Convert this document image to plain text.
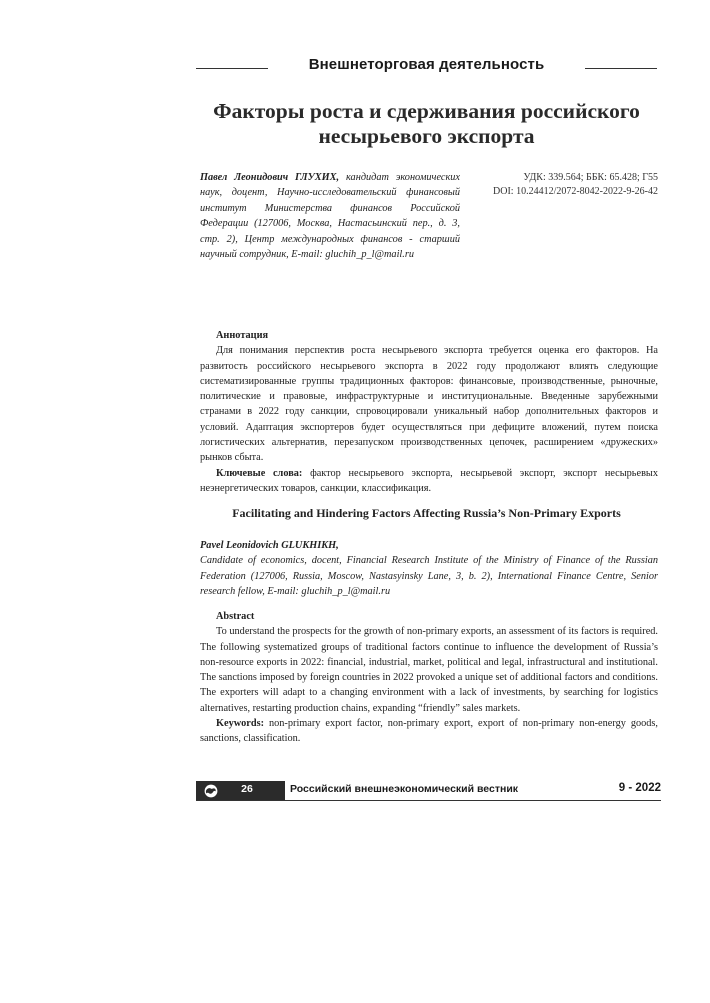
Внешнеторговая деятельность
Факторы роста и сдерживания российского несырьевого экспорта
УДК: 339.564; ББК: 65.428; Г55
DOI: 10.24412/2072-8042-2022-9-26-42
Павел Леонидович ГЛУХИХ, кандидат экономических наук, доцент, Научно-исследовательский финансовый институт Министерства финансов Российской Федерации (127006, Москва, Настасьинский пер., д. 3, стр. 2), Центр международных финансов - старший научный сотрудник, E-mail: gluchih_p_l@mail.ru
Аннотация
Для понимания перспектив роста несырьевого экспорта требуется оценка его факторов. На развитость российского несырьевого экспорта в 2022 году продолжают влиять следующие систематизированные группы традиционных факторов: финансовые, производственные, рыночные, политические и правовые, инфраструктурные и институциональные. Введенные зарубежными странами в 2022 году санкции, спровоцировали уникальный набор дополнительных факторов и условий. Адаптация экспортеров будет осуществляться при дефиците вложений, путем поиска логистических альтернатив, перезапуском производственных цепочек, расширением «дружеских» рынков сбыта.
Ключевые слова: фактор несырьевого экспорта, несырьевой экспорт, экспорт несырьевых неэнергетических товаров, санкции, классификация.
Facilitating and Hindering Factors Affecting Russia’s Non-Primary Exports
Pavel Leonidovich GLUKHIKH,
Candidate of economics, docent, Financial Research Institute of the Ministry of Finance of the Russian Federation (127006, Russia, Moscow, Nastasyinsky Lane, 3, b. 2), International Finance Centre, Senior research fellow, E-mail: gluchih_p_l@mail.ru
Abstract
To understand the prospects for the growth of non-primary exports, an assessment of its factors is required. The following systematized groups of traditional factors continue to influence the development of Russia’s non-resource exports in 2022: financial, industrial, market, political and legal, infrastructural and institutional. The sanctions imposed by foreign countries in 2022 provoked a unique set of additional factors and conditions. The exporters will adapt to a changing environment with a lack of investments, by searching for logistics alternatives, restarting production chains, expanding “friendly” sales markets.
Keywords: non-primary export factor, non-primary export, export of non-primary non-energy goods, sanctions, classification.
26	Российский внешнеэкономический вестник	9 - 2022
